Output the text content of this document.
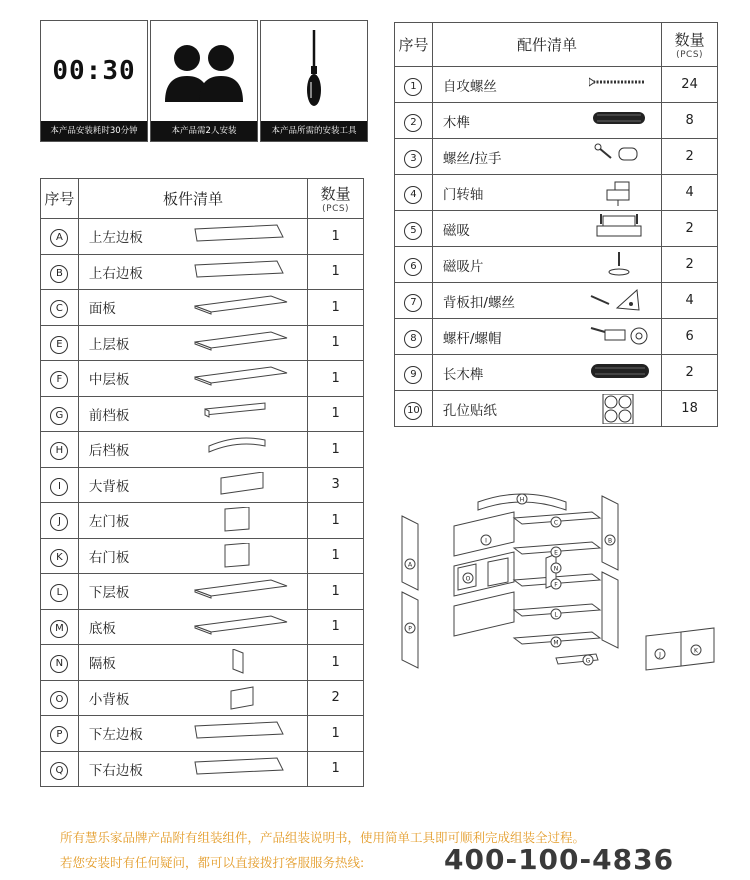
00:30
本产品安装耗时30分钟	本产品需2人安装	本产品所需的安装工具
序号	板件清单	数量
(PCS)

A	上左边板	1
B	上右边板	1
C	面板	1
E	上层板	1
F	中层板	1
G	前档板	1
H	后档板	1
I	大背板	3
J	左门板	1
K	右门板	1
L	下层板	1
M	底板	1
N	隔板	1
O	小背板	2
P	下左边板	1
Q	下右边板	1
序号	配件清单	数量
(PCS)

1	自攻螺丝	24
2	木榫	8
3	螺丝/拉手	2
4	门转轴	4
5	磁吸	2
6	磁吸片	2
7	背板扣/螺丝	4
8	螺杆/螺帽	6
9	长木榫	2
10	孔位贴纸	18
H
C
E
B
I
N
F
O
L
G
M
A
P
J
K
所有慧乐家品牌产品附有组装组件，产品组装说明书，使用简单工具即可顺利完成组装全过程。
若您安装时有任何疑问，都可以直接拨打客服服务热线:	400-100-4836
